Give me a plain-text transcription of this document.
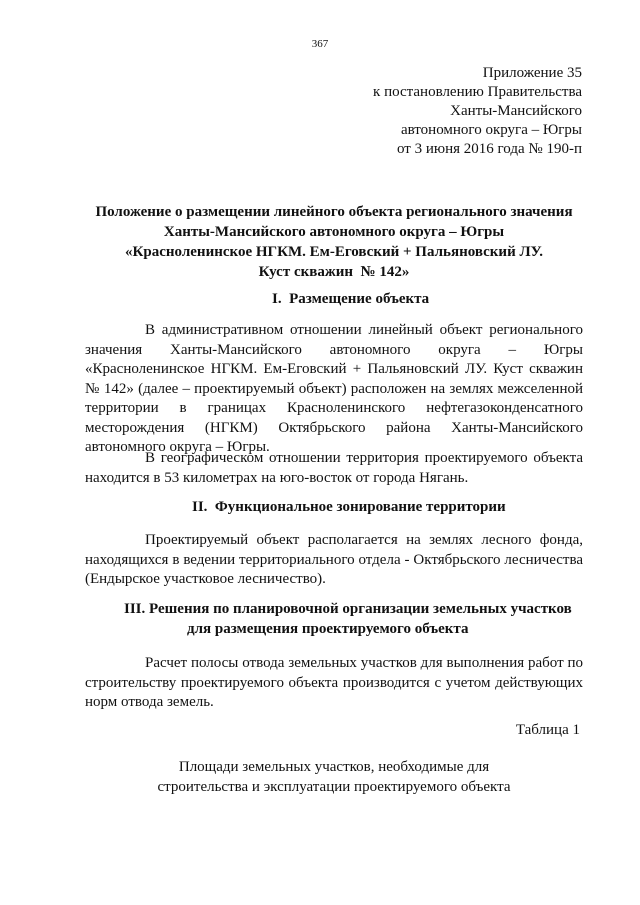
367
Приложение 35
к постановлению Правительства
Ханты-Мансийского
автономного округа – Югры
от 3 июня 2016 года № 190-п
Положение о размещении линейного объекта регионального значения
Ханты-Мансийского автономного округа – Югры
«Красноленинское НГКМ. Ем-Еговский + Пальяновский ЛУ.
Куст скважин  № 142»
I.  Размещение объекта
В административном отношении линейный объект регионального значения Ханты-Мансийского автономного округа – Югры «Красноленинское НГКМ. Ем-Еговский + Пальяновский ЛУ. Куст скважин № 142» (далее – проектируемый объект) расположен на землях межселенной территории в границах Красноленинского нефтегазоконденсатного месторождения (НГКМ) Октябрьского района Ханты-Мансийского автономного округа – Югры.
В географическом отношении территория проектируемого объекта находится в 53 километрах на юго-восток от города Нягань.
II.  Функциональное зонирование территории
Проектируемый объект располагается на землях лесного фонда, находящихся в ведении территориального отдела - Октябрьского лесничества (Ендырское участковое лесничество).
III. Решения по планировочной организации земельных участков
для размещения проектируемого объекта
Расчет полосы отвода земельных участков для выполнения работ по строительству проектируемого объекта производится с учетом действующих норм отвода земель.
Таблица 1
Площади земельных участков, необходимые для
строительства и эксплуатации проектируемого объекта
